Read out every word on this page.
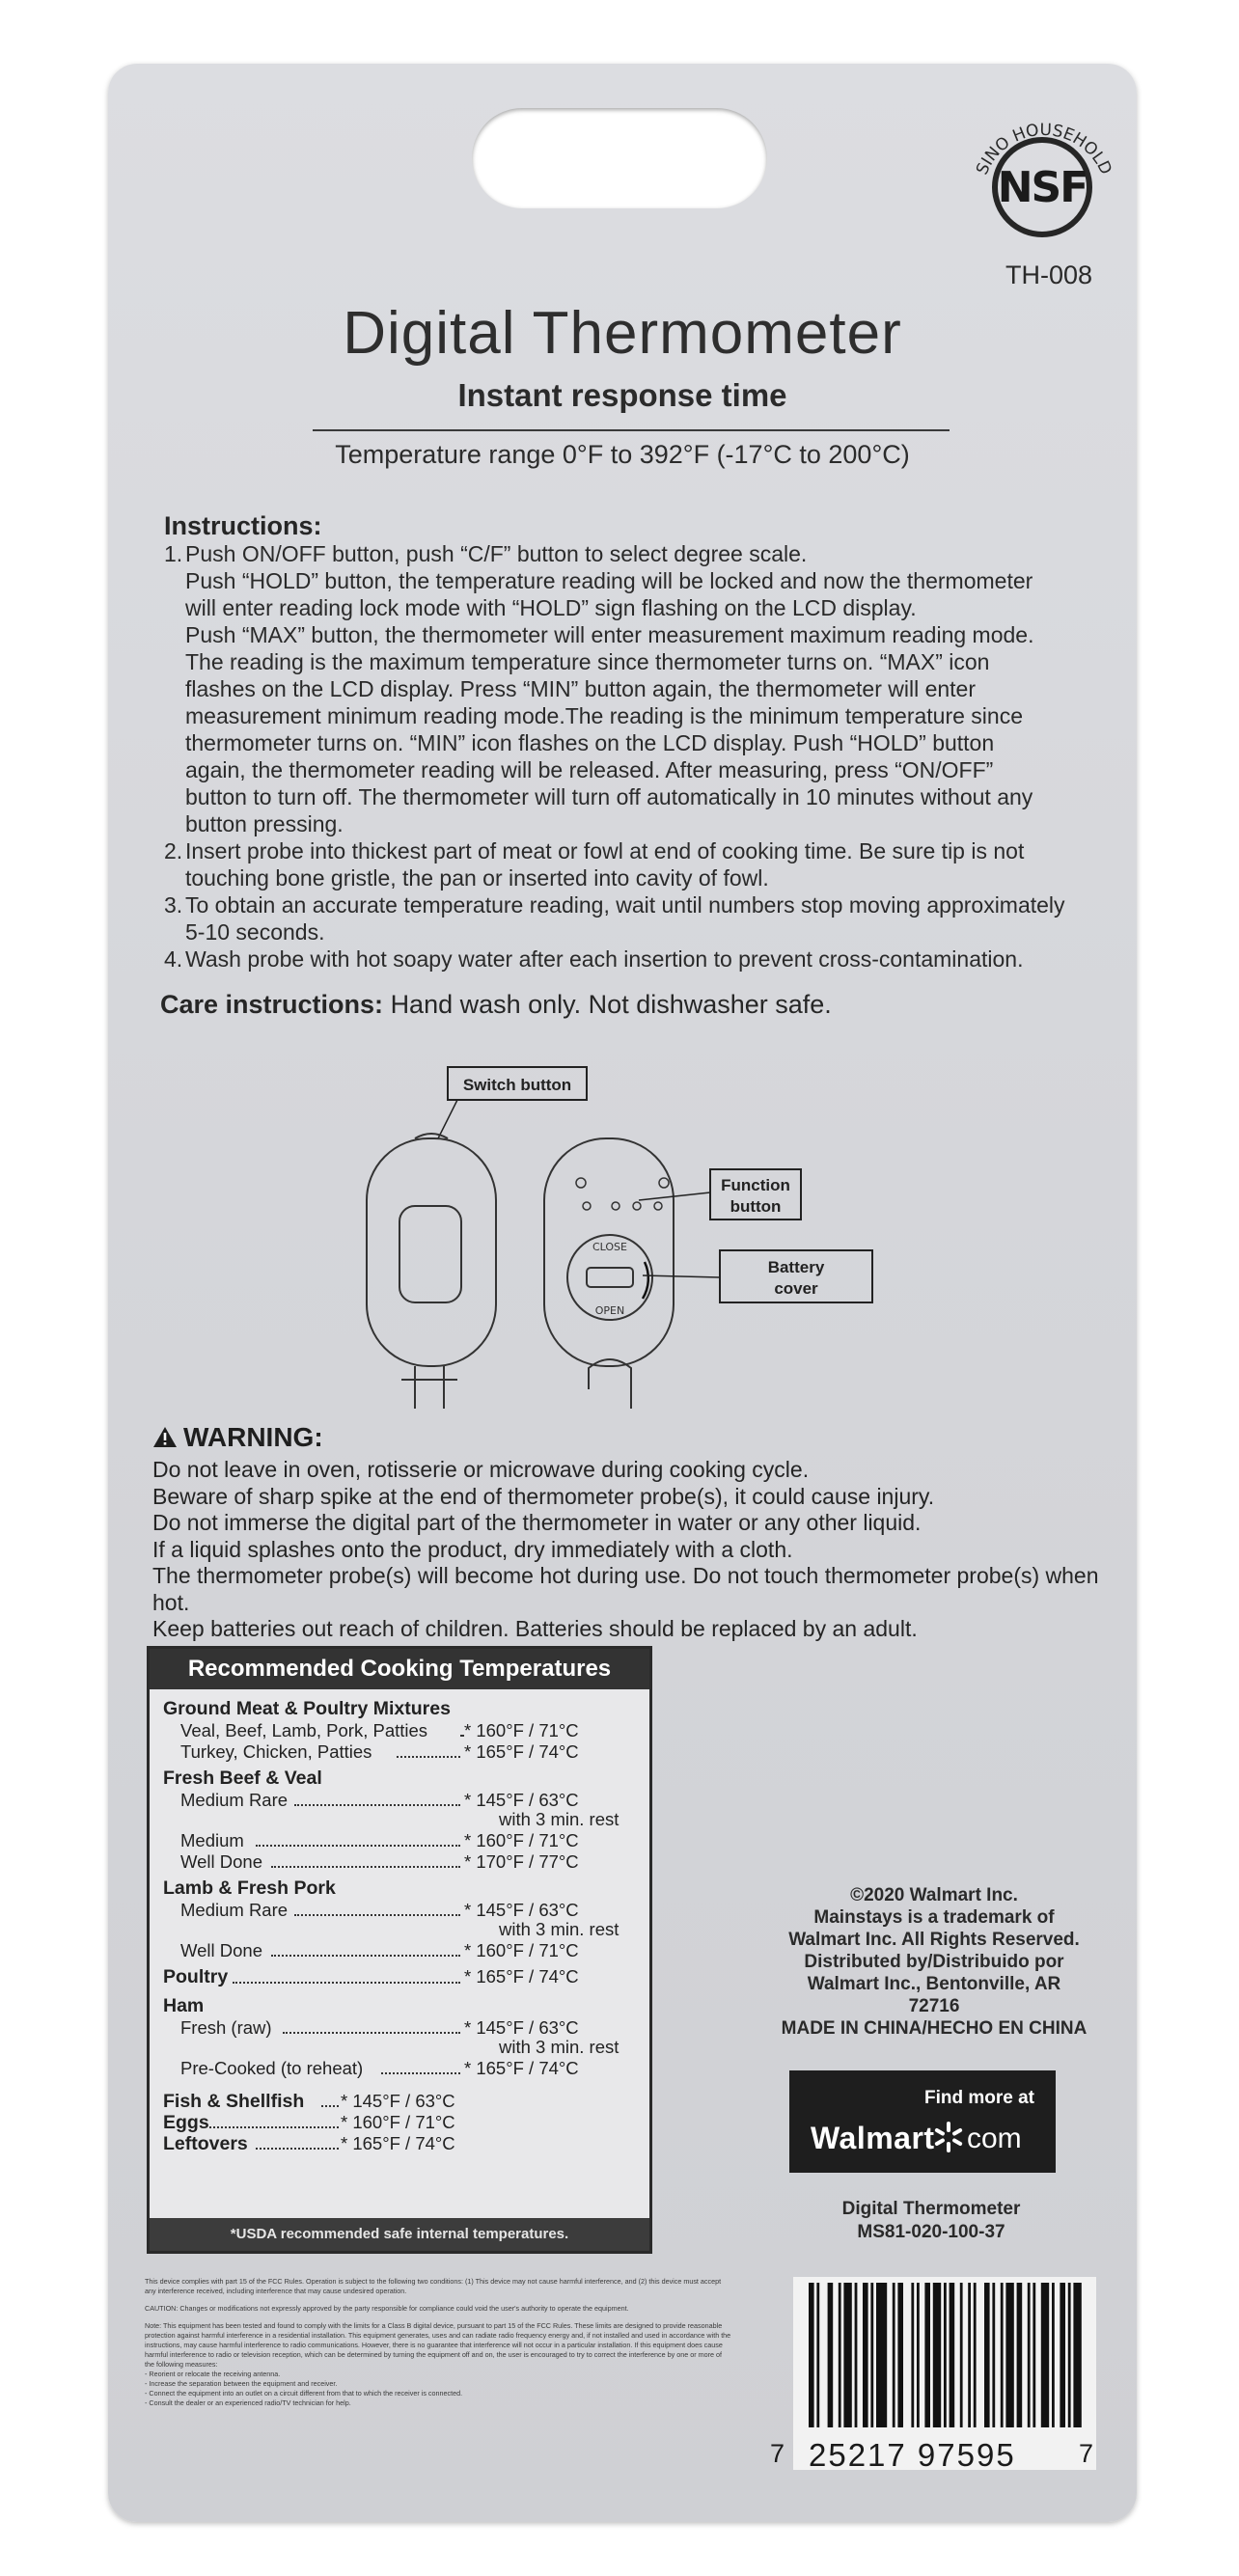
SINO HOUSEHOLD
NSF
TH-008
Digital Thermometer
Instant response time
Temperature range 0°F to 392°F (-17°C to 200°C)
Instructions:
1. Push ON/OFF button, push “C/F” button to select degree scale.
Push “HOLD” button, the temperature reading will be locked and now the thermometer
will enter reading lock mode with “HOLD” sign flashing on the LCD display.
Push “MAX” button, the thermometer will enter measurement maximum reading mode.
The reading is the maximum temperature since thermometer turns on. “MAX” icon
flashes on the LCD display. Press “MIN” button again, the thermometer will enter
measurement minimum reading mode.The reading is the minimum temperature since
thermometer turns on. “MIN” icon flashes on the LCD display. Push “HOLD” button
again, the thermometer reading will be released. After measuring, press “ON/OFF”
button to turn off. The thermometer will turn off automatically in 10 minutes without any
button pressing.
2. Insert probe into thickest part of meat or fowl at end of cooking time. Be sure tip is not
touching bone gristle, the pan or inserted into cavity of fowl.
3. To obtain an accurate temperature reading, wait until numbers stop moving approximately
5-10 seconds.
4. Wash probe with hot soapy water after each insertion to prevent cross-contamination.
Care instructions: Hand wash only. Not dishwasher safe.
Switch button
CLOSE
OPEN
Function
button
Battery
cover
WARNING:
Do not leave in oven, rotisserie or microwave during cooking cycle.
Beware of sharp spike at the end of thermometer probe(s), it could cause injury.
Do not immerse the digital part of the thermometer in water or any other liquid.
If a liquid splashes onto the product, dry immediately with a cloth.
The thermometer probe(s) will become hot during use. Do not touch thermometer probe(s) when hot.
Keep batteries out reach of children. Batteries should be replaced by an adult.
Recommended Cooking Temperatures
Ground Meat & Poultry Mixtures
Veal, Beef, Lamb, Pork, Patties * 160°F / 71°C
Turkey, Chicken, Patties	* 165°F / 74°C
Fresh Beef & Veal
Medium Rare	* 145°F / 63°C
with 3 min. rest
Medium	* 160°F / 71°C
Well Done	* 170°F / 77°C
Lamb & Fresh Pork
Medium Rare	* 145°F / 63°C
with 3 min. rest
Well Done	* 160°F / 71°C
Poultry	* 165°F / 74°C
Ham
Fresh (raw)	* 145°F / 63°C
with 3 min. rest
Pre-Cooked (to reheat)	* 165°F / 74°C
Fish & Shellfish * 145°F / 63°C
Eggs	* 160°F / 71°C
Leftovers	* 165°F / 74°C
*USDA recommended safe internal temperatures.
©2020 Walmart Inc.
Mainstays is a trademark of
Walmart Inc. All Rights Reserved.
Distributed by/Distribuido por
Walmart Inc., Bentonville, AR 72716
MADE IN CHINA/HECHO EN CHINA
Find more at
Walmart com
Digital Thermometer
MS81-020-100-37

This device complies with part 15 of the FCC Rules. Operation is subject to the following two conditions: (1) This device may not cause harmful interference, and (2) this device must accept any interference received, including interference that may cause undesired operation.

CAUTION: Changes or modifications not expressly approved by the party responsible for compliance could void the user's authority to operate the equipment.

Note: This equipment has been tested and found to comply with the limits for a Class B digital device, pursuant to part 15 of the FCC Rules. These limits are designed to provide reasonable protection against harmful interference in a residential installation. This equipment generates, uses and can radiate radio frequency energy and, if not installed and used in accordance with the instructions, may cause harmful interference to radio communications. However, there is no guarantee that interference will not occur in a particular installation. If this equipment does cause harmful interference to radio or television reception, which can be determined by turning the equipment off and on, the user is encouraged to try to correct the interference by one or more of the following measures:

- Reorient or relocate the receiving antenna.
- Increase the separation between the equipment and receiver.
- Connect the equipment into an outlet on a circuit different from that to which the receiver is connected.
- Consult the dealer or an experienced radio/TV technician for help.
7 25217 97595 7
